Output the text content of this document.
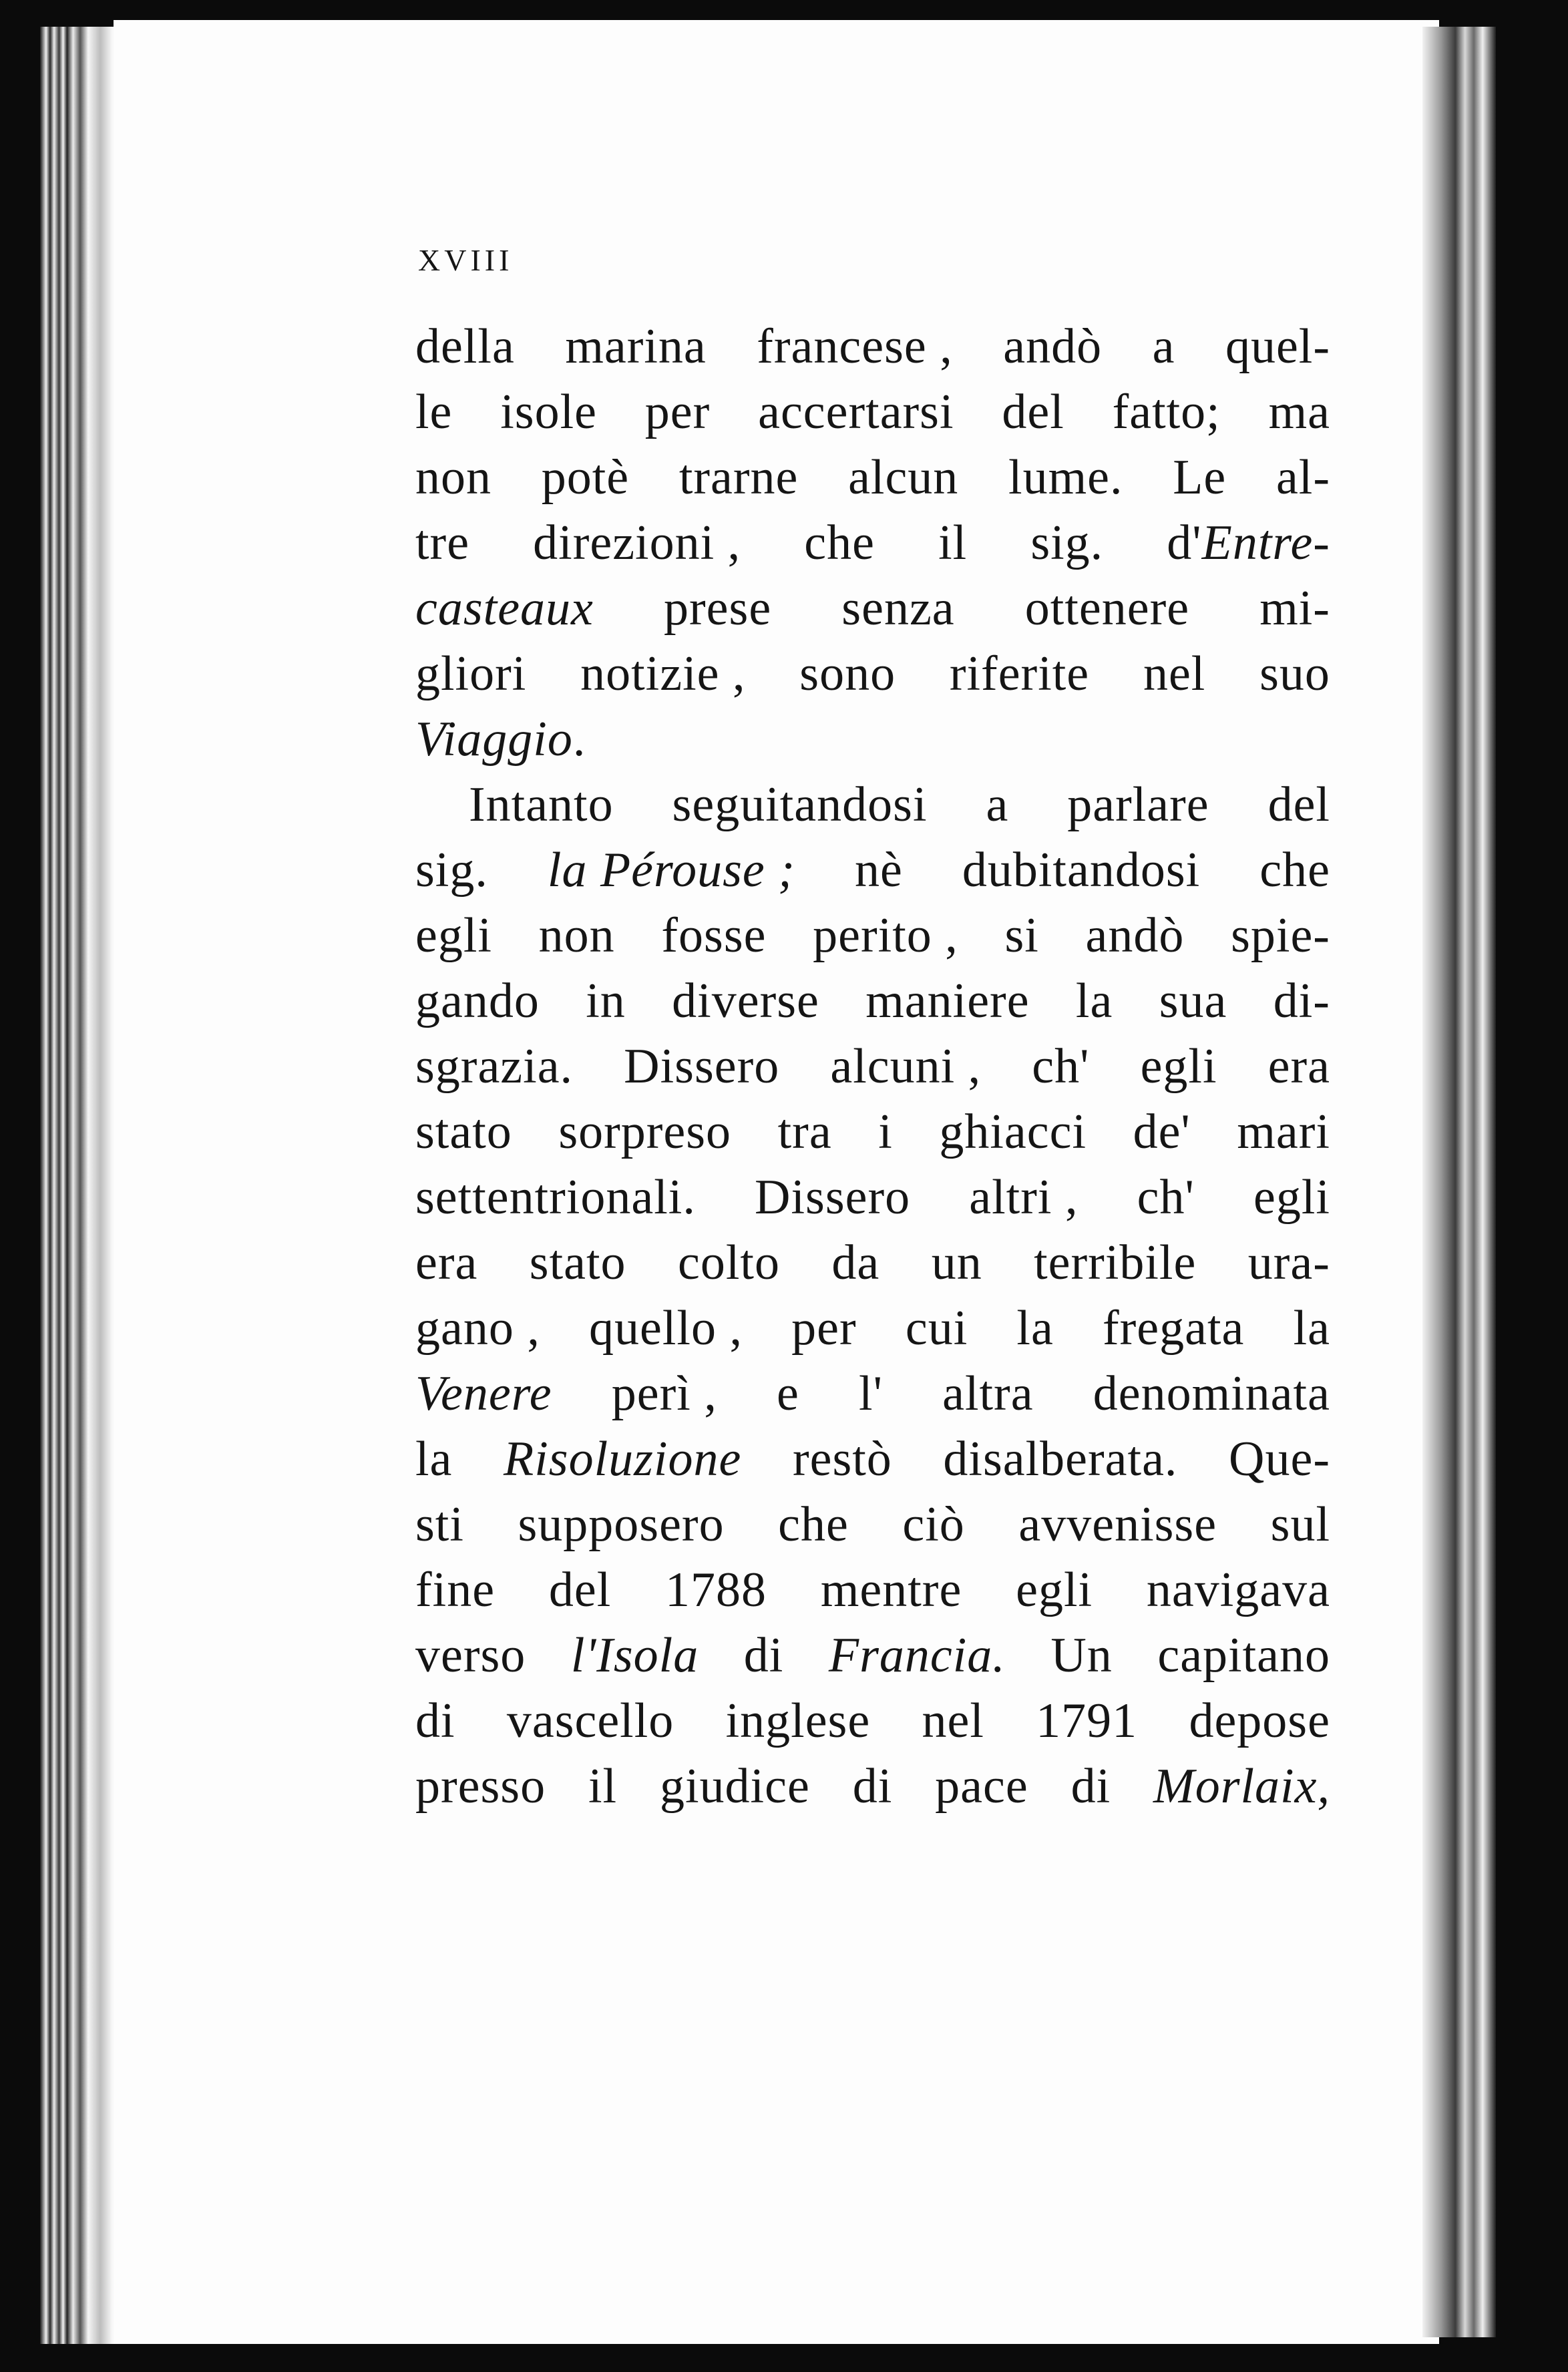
XVIII
della marina francese , andò a quel-
le isole per accertarsi del fatto; ma
non potè trarne alcun lume. Le al-
tre direzioni , che il sig. d'Entre-
casteaux prese senza ottenere mi-
gliori notizie , sono riferite nel suo
Viaggio.
Intanto seguitandosi a parlare del
sig. la Pérouse ; nè dubitandosi che
egli non fosse perito , si andò spie-
gando in diverse maniere la sua di-
sgrazia. Dissero alcuni , ch' egli era
stato sorpreso tra i ghiacci de' mari
settentrionali. Dissero altri , ch' egli
era stato colto da un terribile ura-
gano , quello , per cui la fregata la
Venere perì , e l' altra denominata
la Risoluzione restò disalberata. Que-
sti supposero che ciò avvenisse sul
fine del 1788 mentre egli navigava
verso l'Isola di Francia. Un capitano
di vascello inglese nel 1791 depose
presso il giudice di pace di Morlaix,
